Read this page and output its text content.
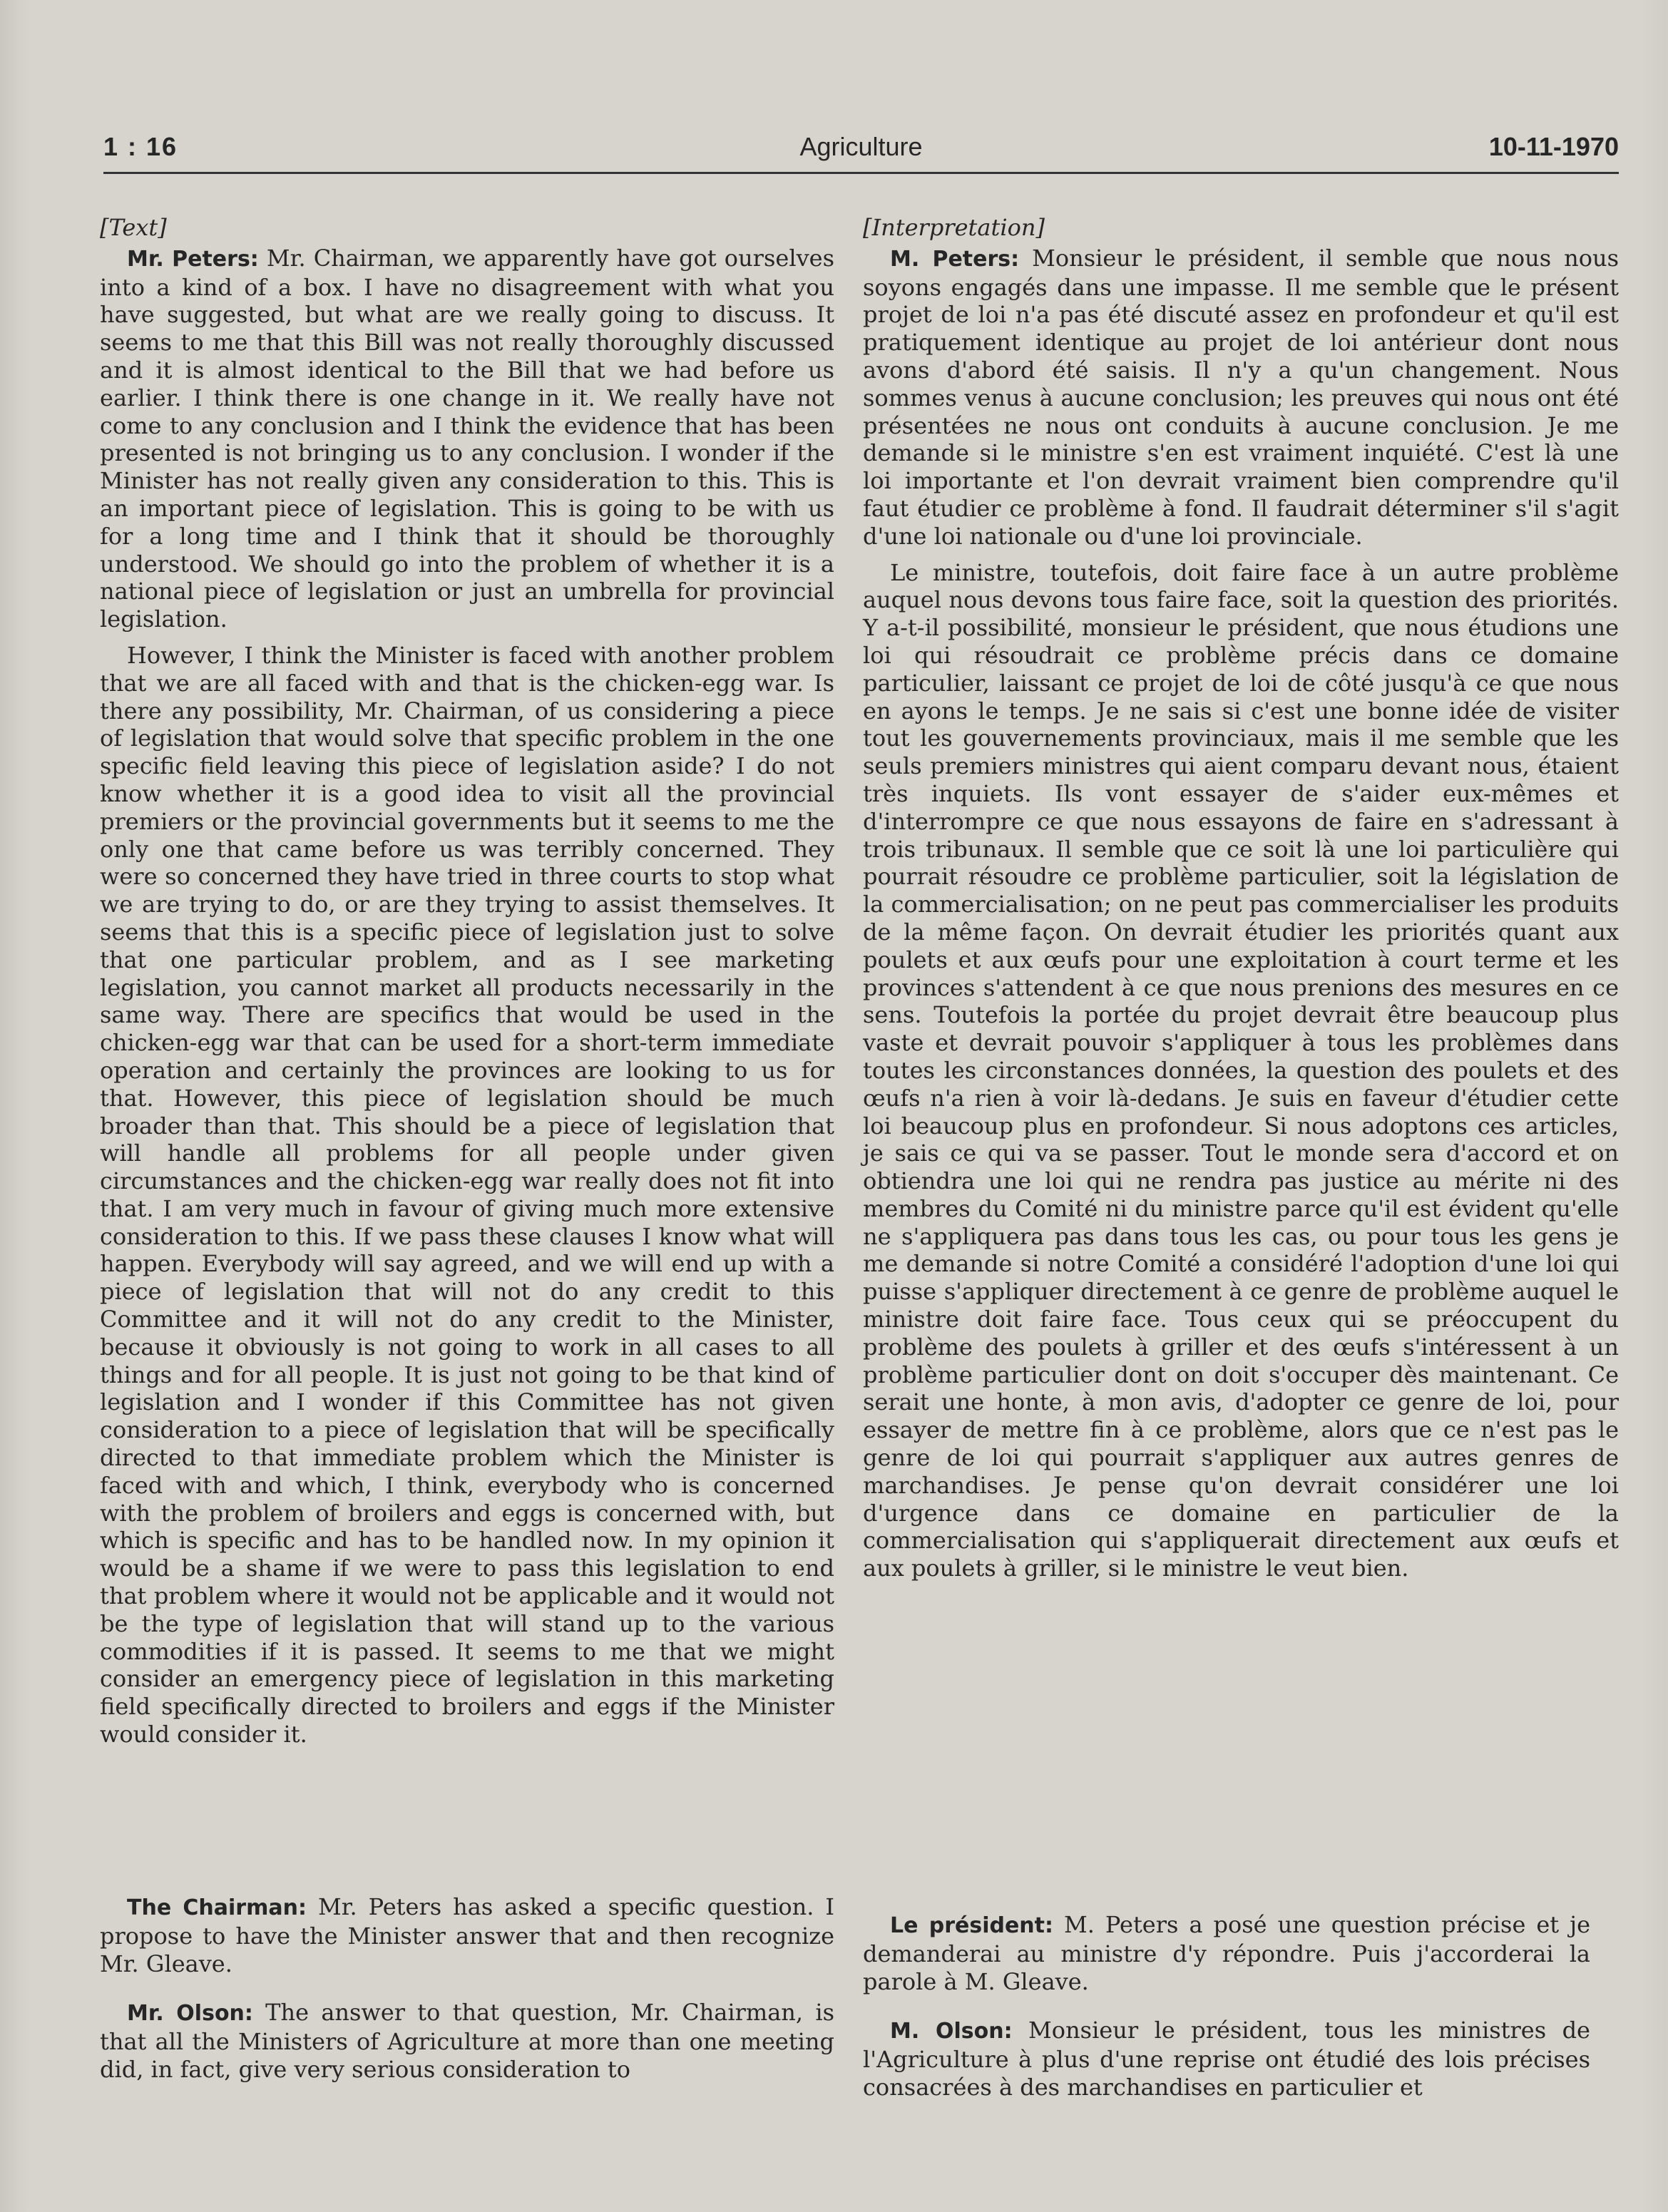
1 : 16	Agriculture	10-11-1970

[Text]

Mr. Peters: Mr. Chairman, we apparently have got ourselves into a kind of a box. I have no disagreement with what you have suggested, but what are we really going to discuss. It seems to me that this Bill was not really thoroughly discussed and it is almost identical to the Bill that we had before us earlier. I think there is one change in it. We really have not come to any conclusion and I think the evidence that has been presented is not bringing us to any conclusion. I wonder if the Minister has not really given any consideration to this. This is an important piece of legislation. This is going to be with us for a long time and I think that it should be thoroughly understood. We should go into the problem of whether it is a national piece of legislation or just an umbrella for provincial legislation.

However, I think the Minister is faced with another problem that we are all faced with and that is the chicken-egg war. Is there any possibility, Mr. Chairman, of us considering a piece of legislation that would solve that specific problem in the one specific field leaving this piece of legislation aside? I do not know whether it is a good idea to visit all the provincial premiers or the provincial governments but it seems to me the only one that came before us was terribly concerned. They were so concerned they have tried in three courts to stop what we are trying to do, or are they trying to assist themselves. It seems that this is a specific piece of legislation just to solve that one particular problem, and as I see marketing legislation, you cannot market all products necessarily in the same way. There are specifics that would be used in the chicken-egg war that can be used for a short-term immediate operation and certainly the provinces are looking to us for that. However, this piece of legislation should be much broader than that. This should be a piece of legislation that will handle all problems for all people under given circumstances and the chicken-egg war really does not fit into that. I am very much in favour of giving much more extensive consideration to this. If we pass these clauses I know what will happen. Everybody will say agreed, and we will end up with a piece of legislation that will not do any credit to this Committee and it will not do any credit to the Minister, because it obviously is not going to work in all cases to all things and for all people. It is just not going to be that kind of legislation and I wonder if this Committee has not given consideration to a piece of legislation that will be specifically directed to that immediate problem which the Minister is faced with and which, I think, everybody who is concerned with the problem of broilers and eggs is concerned with, but which is specific and has to be handled now. In my opinion it would be a shame if we were to pass this legislation to end that problem where it would not be applicable and it would not be the type of legislation that will stand up to the various commodities if it is passed. It seems to me that we might consider an emergency piece of legislation in this marketing field specifically directed to broilers and eggs if the Minister would consider it.

The Chairman: Mr. Peters has asked a specific question. I propose to have the Minister answer that and then recognize Mr. Gleave.

Mr. Olson: The answer to that question, Mr. Chairman, is that all the Ministers of Agriculture at more than one meeting did, in fact, give very serious consideration to

[Interpretation]

M. Peters: Monsieur le président, il semble que nous nous soyons engagés dans une impasse. Il me semble que le présent projet de loi n'a pas été discuté assez en profondeur et qu'il est pratiquement identique au projet de loi antérieur dont nous avons d'abord été saisis. Il n'y a qu'un changement. Nous sommes venus à aucune conclusion; les preuves qui nous ont été présentées ne nous ont conduits à aucune conclusion. Je me demande si le ministre s'en est vraiment inquiété. C'est là une loi importante et l'on devrait vraiment bien comprendre qu'il faut étudier ce problème à fond. Il faudrait déterminer s'il s'agit d'une loi nationale ou d'une loi provinciale.

Le ministre, toutefois, doit faire face à un autre problème auquel nous devons tous faire face, soit la question des priorités. Y a-t-il possibilité, monsieur le président, que nous étudions une loi qui résoudrait ce problème précis dans ce domaine particulier, laissant ce projet de loi de côté jusqu'à ce que nous en ayons le temps. Je ne sais si c'est une bonne idée de visiter tout les gouvernements provinciaux, mais il me semble que les seuls premiers ministres qui aient comparu devant nous, étaient très inquiets. Ils vont essayer de s'aider eux-mêmes et d'interrompre ce que nous essayons de faire en s'adressant à trois tribunaux. Il semble que ce soit là une loi particulière qui pourrait résoudre ce problème particulier, soit la législation de la commercialisation; on ne peut pas commercialiser les produits de la même façon. On devrait étudier les priorités quant aux poulets et aux œufs pour une exploitation à court terme et les provinces s'attendent à ce que nous prenions des mesures en ce sens. Toutefois la portée du projet devrait être beaucoup plus vaste et devrait pouvoir s'appliquer à tous les problèmes dans toutes les circonstances données, la question des poulets et des œufs n'a rien à voir là-dedans. Je suis en faveur d'étudier cette loi beaucoup plus en profondeur. Si nous adoptons ces articles, je sais ce qui va se passer. Tout le monde sera d'accord et on obtiendra une loi qui ne rendra pas justice au mérite ni des membres du Comité ni du ministre parce qu'il est évident qu'elle ne s'appliquera pas dans tous les cas, ou pour tous les gens je me demande si notre Comité a considéré l'adoption d'une loi qui puisse s'appliquer directement à ce genre de problème auquel le ministre doit faire face. Tous ceux qui se préoccupent du problème des poulets à griller et des œufs s'intéressent à un problème particulier dont on doit s'occuper dès maintenant. Ce serait une honte, à mon avis, d'adopter ce genre de loi, pour essayer de mettre fin à ce problème, alors que ce n'est pas le genre de loi qui pourrait s'appliquer aux autres genres de marchandises. Je pense qu'on devrait considérer une loi d'urgence dans ce domaine en particulier de la commercialisation qui s'appliquerait directement aux œufs et aux poulets à griller, si le ministre le veut bien.

Le président: M. Peters a posé une question précise et je demanderai au ministre d'y répondre. Puis j'accorderai la parole à M. Gleave.

M. Olson: Monsieur le président, tous les ministres de l'Agriculture à plus d'une reprise ont étudié des lois précises consacrées à des marchandises en particulier et
